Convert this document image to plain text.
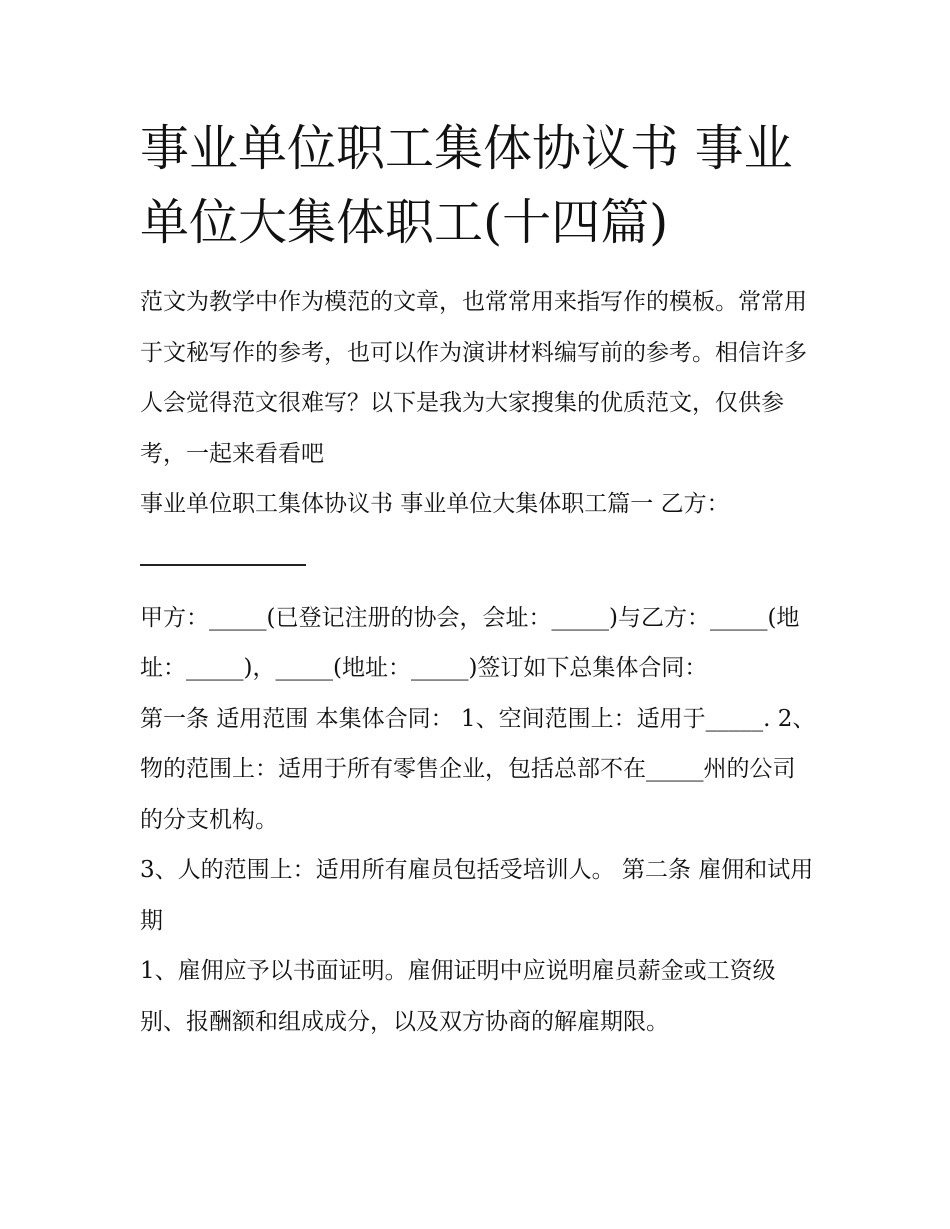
事业单位职工集体协议书 事业单位大集体职工(十四篇)

范文为教学中作为模范的文章，也常常用来指写作的模板。常常用于文秘写作的参考，也可以作为演讲材料编写前的参考。相信许多人会觉得范文很难写？以下是我为大家搜集的优质范文，仅供参考，一起来看看吧

事业单位职工集体协议书 事业单位大集体职工篇一 乙方：

甲方：_____(已登记注册的协会，会址：_____)与乙方：_____(地址：_____)，_____(地址：_____)签订如下总集体合同：

第一条 适用范围 本集体合同： 1、空间范围上：适用于_____. 2、物的范围上：适用于所有零售企业，包括总部不在_____州的公司的分支机构。

3、人的范围上：适用所有雇员包括受培训人。 第二条 雇佣和试用期

1、雇佣应予以书面证明。雇佣证明中应说明雇员薪金或工资级别、报酬额和组成成分，以及双方协商的解雇期限。
